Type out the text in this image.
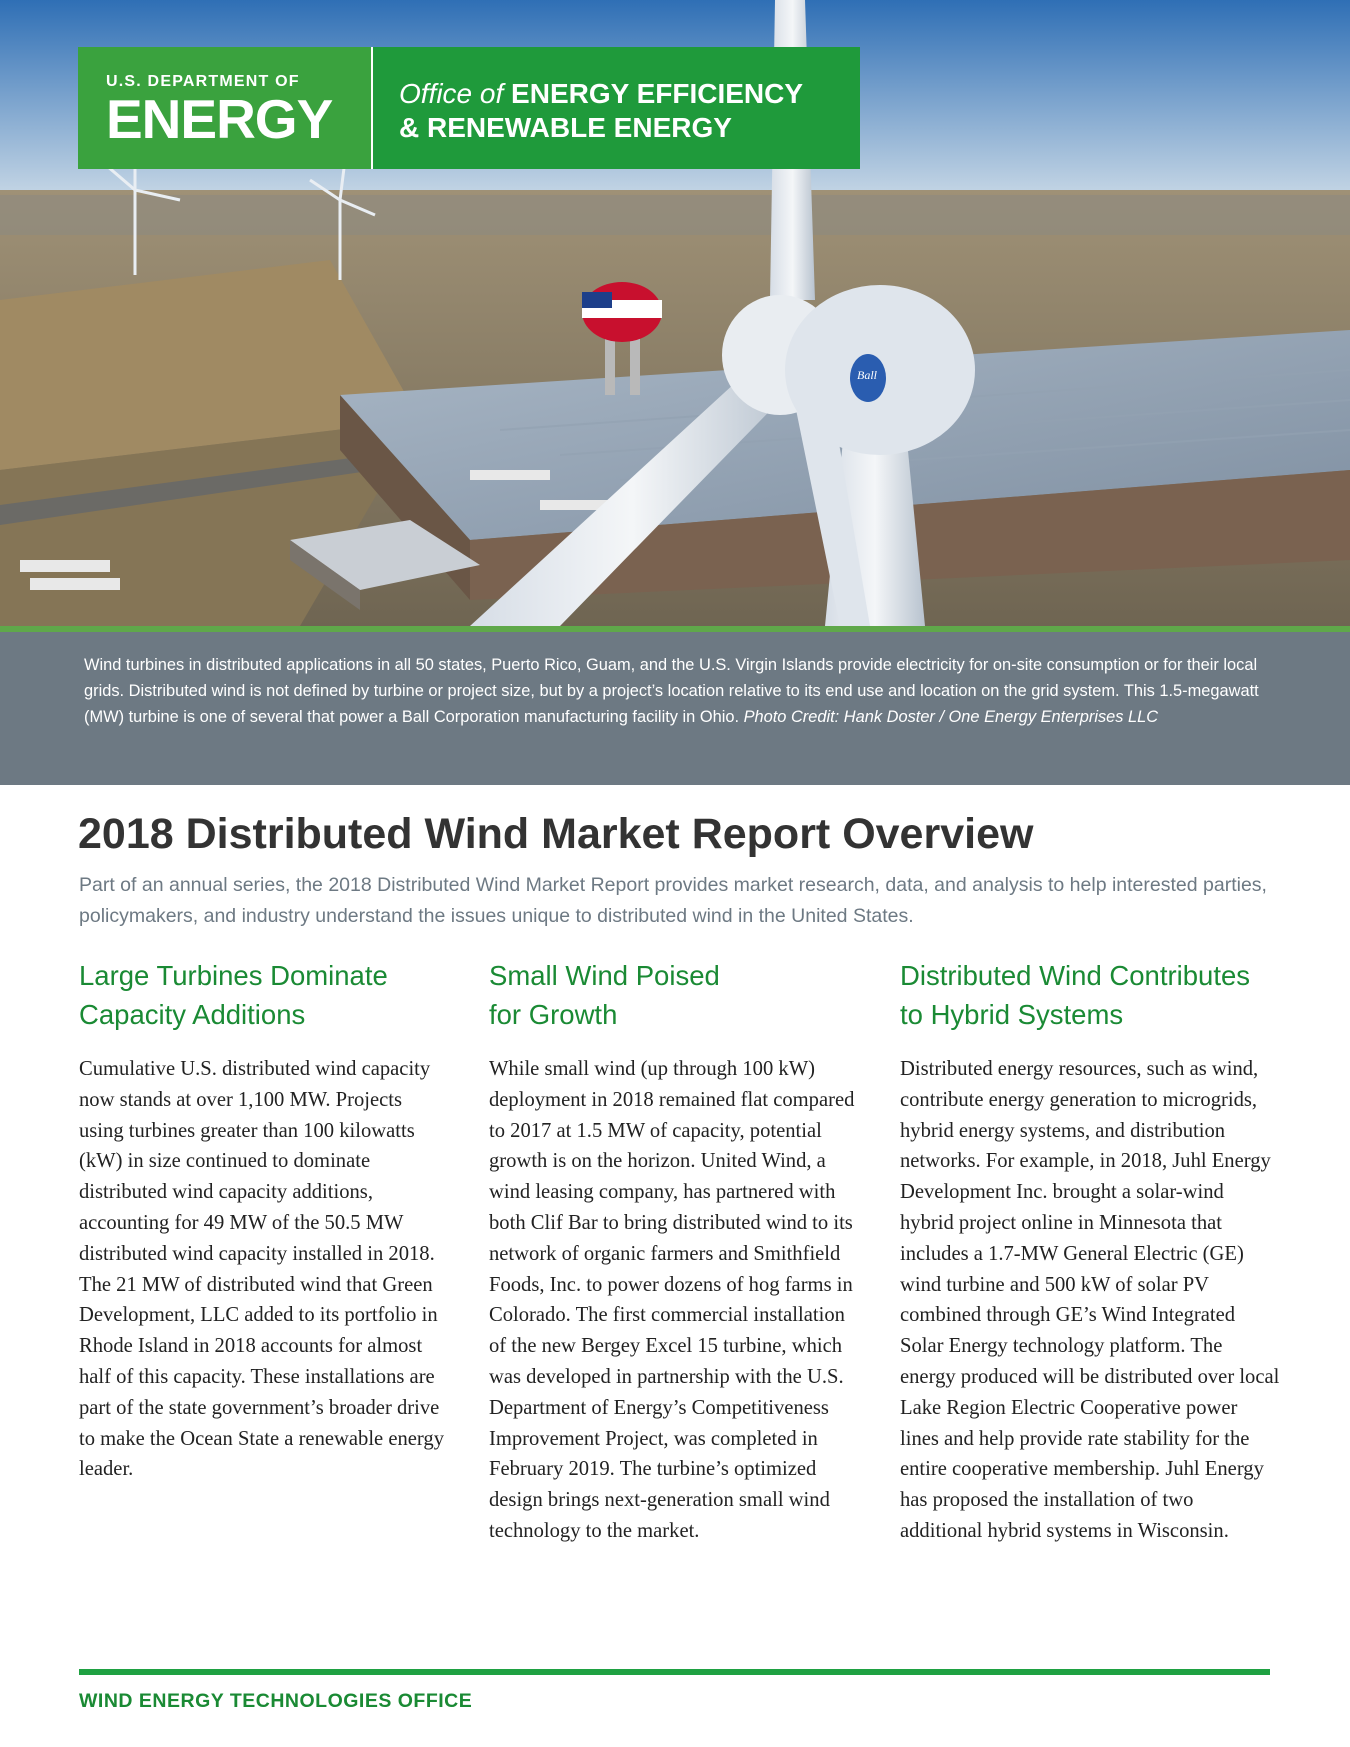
Ball
U.S. DEPARTMENT OF
ENERGY	Office of ENERGY EFFICIENCY
& RENEWABLE ENERGY
Wind turbines in distributed applications in all 50 states, Puerto Rico, Guam, and the U.S. Virgin Islands provide electricity for on-site consumption or for their local grids. Distributed wind is not defined by turbine or project size, but by a project’s location relative to its end use and location on the grid system. This 1.5-megawatt (MW) turbine is one of several that power a Ball Corporation manufacturing facility in Ohio. Photo Credit: Hank Doster / One Energy Enterprises LLC
2018 Distributed Wind Market Report Overview

Part of an annual series, the 2018 Distributed Wind Market Report provides market research, data, and analysis to help interested parties, policymakers, and industry understand the issues unique to distributed wind in the United States.

Large Turbines Dominate
Capacity Additions

Cumulative U.S. distributed wind capacity now stands at over 1,100 MW. Projects using turbines greater than 100 kilowatts (kW) in size continued to dominate distributed wind capacity additions, accounting for 49 MW of the 50.5 MW distributed wind capacity installed in 2018. The 21 MW of distributed wind that Green Development, LLC added to its portfolio in Rhode Island in 2018 accounts for almost half of this capacity. These installations are part of the state government’s broader drive to make the Ocean State a renewable energy leader.

Small Wind Poised
for Growth

While small wind (up through 100 kW) deployment in 2018 remained flat compared to 2017 at 1.5 MW of capacity, potential growth is on the horizon. United Wind, a wind leasing company, has partnered with both Clif Bar to bring distributed wind to its network of organic farmers and Smithfield Foods, Inc. to power dozens of hog farms in Colorado. The first commercial installation of the new Bergey Excel 15 turbine, which was developed in partnership with the U.S. Department of Energy’s Competitiveness Improvement Project, was completed in February 2019. The turbine’s optimized design brings next-generation small wind technology to the market.

Distributed Wind Contributes
to Hybrid Systems

Distributed energy resources, such as wind, contribute energy generation to microgrids, hybrid energy systems, and distribution networks. For example, in 2018, Juhl Energy Development Inc. brought a solar-wind hybrid project online in Minnesota that includes a 1.7-MW General Electric (GE) wind turbine and 500 kW of solar PV combined through GE’s Wind Integrated Solar Energy technology platform. The energy produced will be distributed over local Lake Region Electric Cooperative power lines and help provide rate stability for the entire cooperative membership. Juhl Energy has proposed the installation of two additional hybrid systems in Wisconsin.

WIND ENERGY TECHNOLOGIES OFFICE
